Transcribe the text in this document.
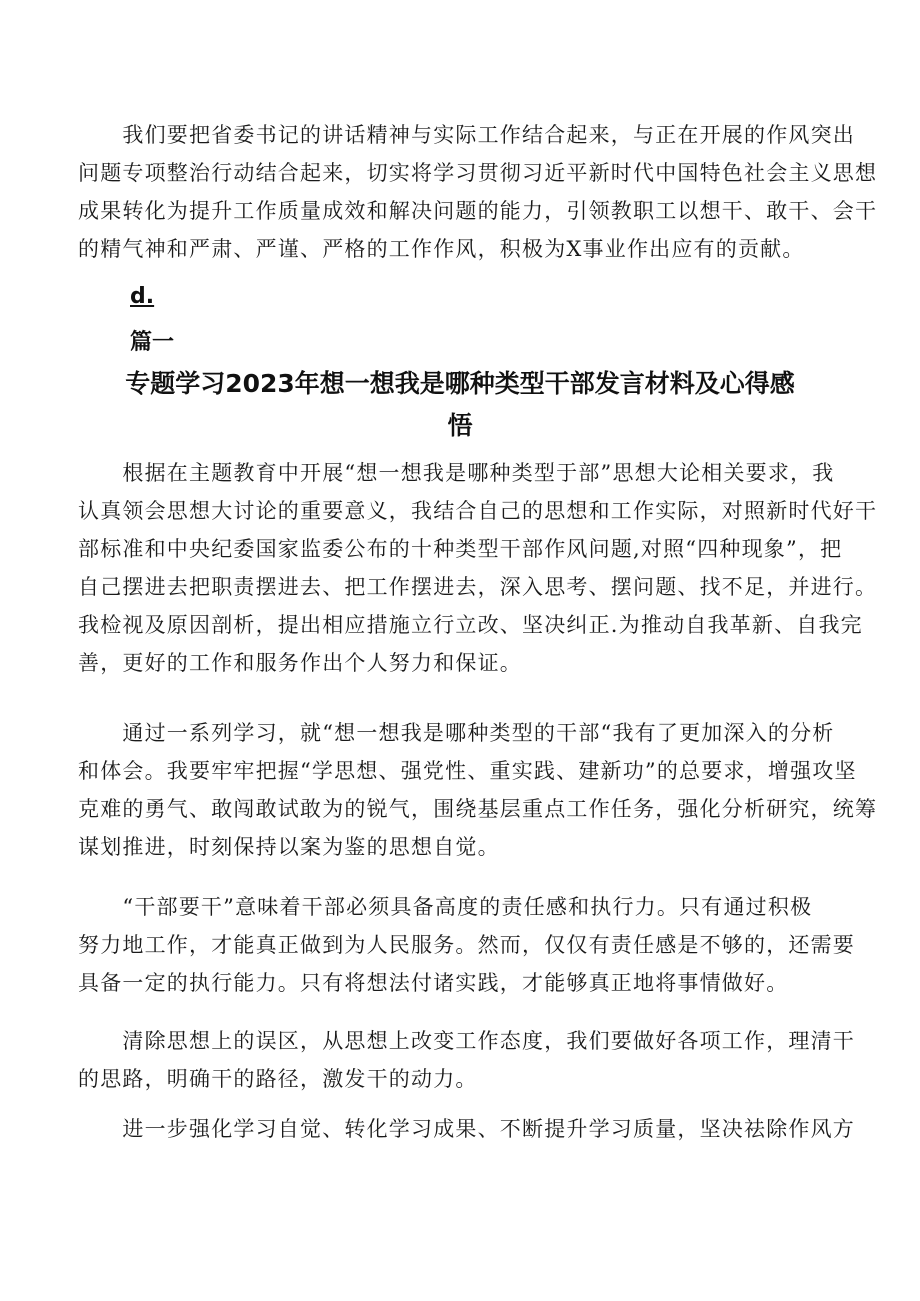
　　我们要把省委书记的讲话精神与实际工作结合起来，与正在开展的作风突出
问题专项整治行动结合起来，切实将学习贯彻习近平新时代中国特色社会主义思想
成果转化为提升工作质量成效和解决问题的能力，引领教职工以想干、敢干、会干
的精气神和严肃、严谨、严格的工作作风，积极为X事业作出应有的贡献。
d.
篇一
专题学习2023年想一想我是哪种类型干部发言材料及心得感
悟
　　根据在主题教育中开展“想一想我是哪种类型于部”思想大论相关要求，我
认真领会思想大讨论的重要意义，我结合自己的思想和工作实际，对照新时代好干
部标准和中央纪委国家监委公布的十种类型干部作风问题,对照“四种现象”，把
自己摆进去把职责摆进去、把工作摆进去，深入思考、摆问题、找不足，并进行。
我检视及原因剖析，提出相应措施立行立改、坚决纠正.为推动自我革新、自我完
善，更好的工作和服务作出个人努力和保证。
　　通过一系列学习，就“想一想我是哪种类型的干部“我有了更加深入的分析
和体会。我要牢牢把握“学思想、强党性、重实践、建新功”的总要求，增强攻坚
克难的勇气、敢闯敢试敢为的锐气，围绕基层重点工作任务，强化分析研究，统筹
谋划推进，时刻保持以案为鉴的思想自觉。
　　“干部要干”意味着干部必须具备高度的责任感和执行力。只有通过积极
努力地工作，才能真正做到为人民服务。然而，仅仅有责任感是不够的，还需要
具备一定的执行能力。只有将想法付诸实践，才能够真正地将事情做好。
　　清除思想上的误区，从思想上改变工作态度，我们要做好各项工作，理清干
的思路，明确干的路径，激发干的动力。
　　进一步强化学习自觉、转化学习成果、不断提升学习质量，坚决祛除作风方
